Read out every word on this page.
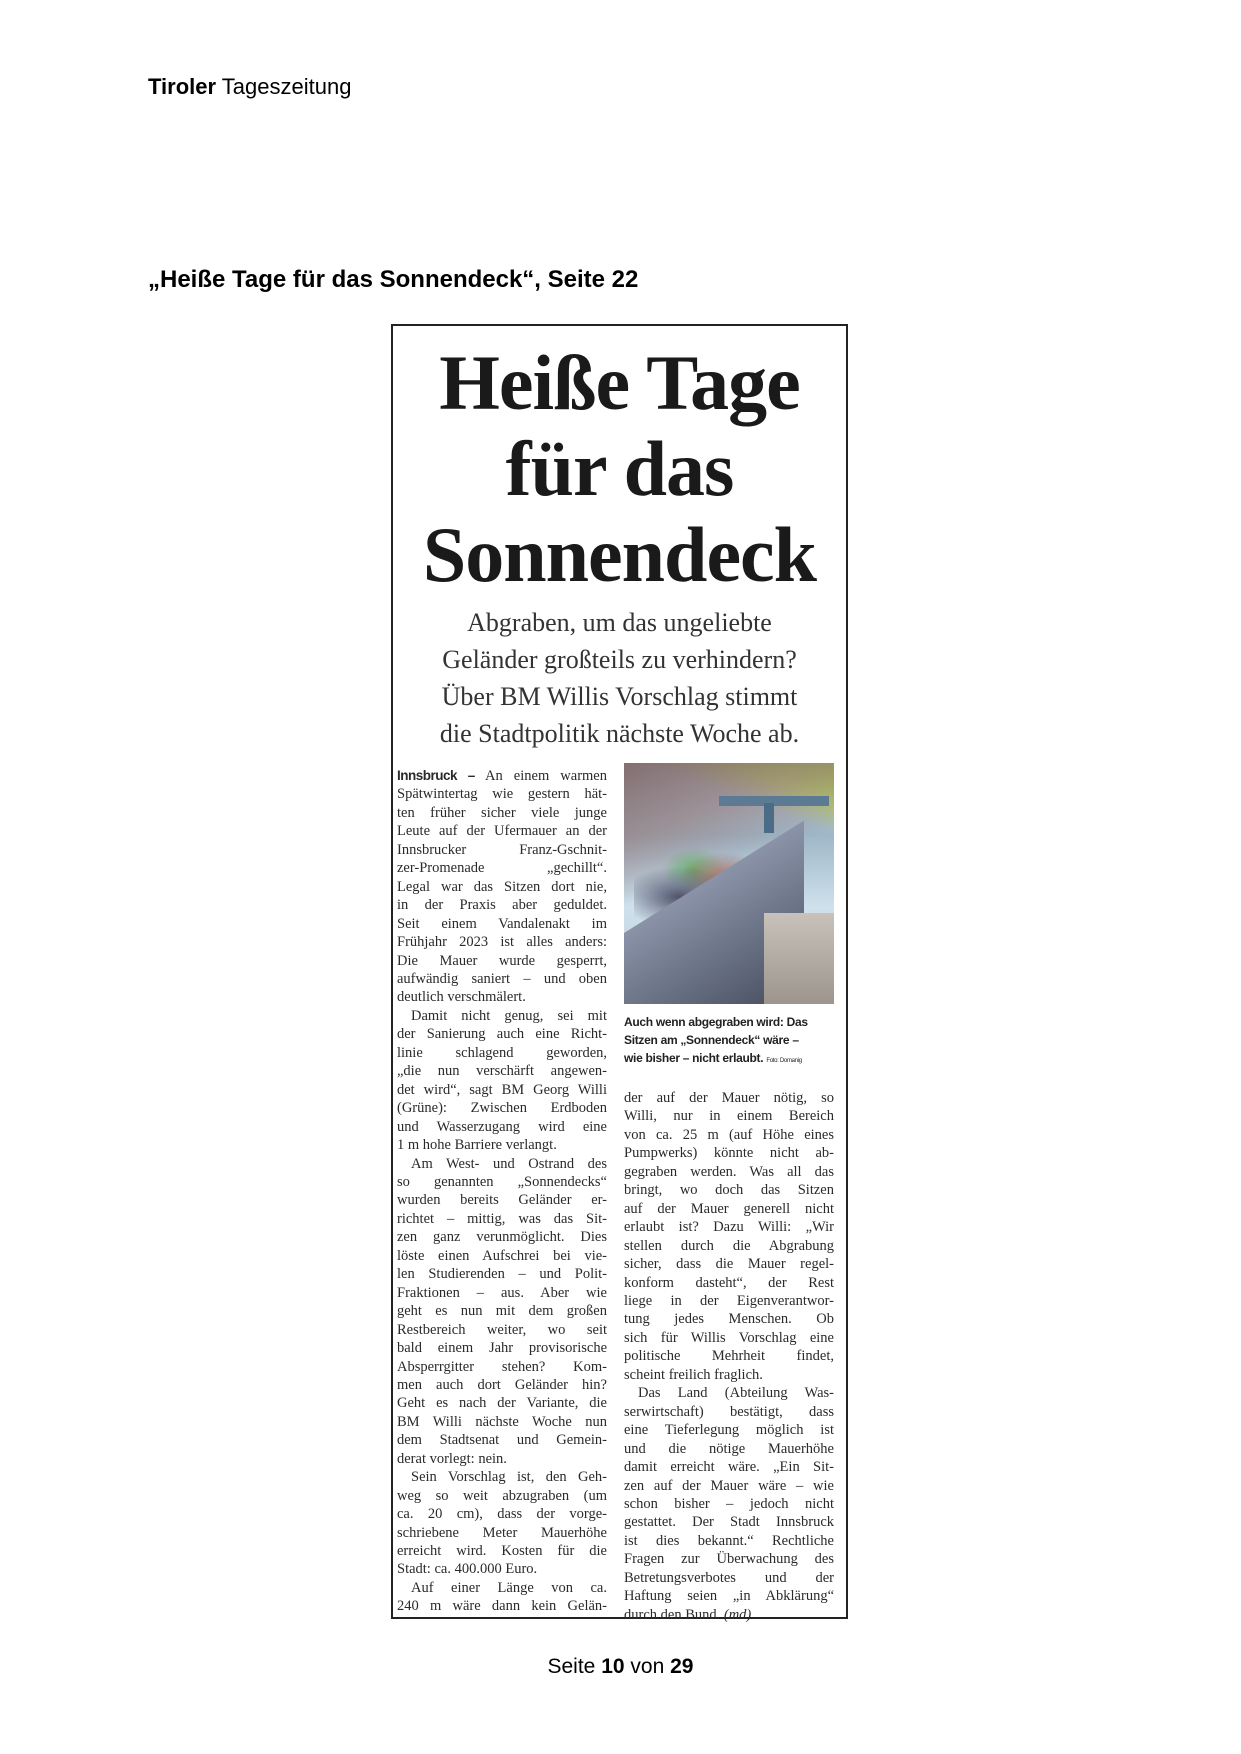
Tiroler Tageszeitung
„Heiße Tage für das Sonnendeck“, Seite 22
Heiße Tage
für das
Sonnendeck
Abgraben, um das ungeliebte
Geländer großteils zu verhindern?
Über BM Willis Vorschlag stimmt
die Stadtpolitik nächste Woche ab.
Innsbruck – An einem warmen
Spätwintertag wie gestern hät-
ten früher sicher viele junge
Leute auf der Ufermauer an der
Innsbrucker Franz-Gschnit-
zer-Promenade „gechillt“.
Legal war das Sitzen dort nie,
in der Praxis aber geduldet.
Seit einem Vandalenakt im
Frühjahr 2023 ist alles anders:
Die Mauer wurde gesperrt,
aufwändig saniert – und oben
deutlich verschmälert.
Damit nicht genug, sei mit
der Sanierung auch eine Richt-
linie schlagend geworden,
„die nun verschärft angewen-
det wird“, sagt BM Georg Willi
(Grüne): Zwischen Erdboden
und Wasserzugang wird eine
1 m hohe Barriere verlangt.
Am West- und Ostrand des
so genannten „Sonnendecks“
wurden bereits Geländer er-
richtet – mittig, was das Sit-
zen ganz verunmöglicht. Dies
löste einen Aufschrei bei vie-
len Studierenden – und Polit-
Fraktionen – aus. Aber wie
geht es nun mit dem großen
Restbereich weiter, wo seit
bald einem Jahr provisorische
Absperrgitter stehen? Kom-
men auch dort Geländer hin?
Geht es nach der Variante, die
BM Willi nächste Woche nun
dem Stadtsenat und Gemein-
derat vorlegt: nein.
Sein Vorschlag ist, den Geh-
weg so weit abzugraben (um
ca. 20 cm), dass der vorge-
schriebene Meter Mauerhöhe
erreicht wird. Kosten für die
Stadt: ca. 400.000 Euro.
Auf einer Länge von ca.
240 m wäre dann kein Gelän-
Auch wenn abgegraben wird: Das
Sitzen am „Sonnendeck“ wäre –
wie bisher – nicht erlaubt. Foto: Domanig
der auf der Mauer nötig, so
Willi, nur in einem Bereich
von ca. 25 m (auf Höhe eines
Pumpwerks) könnte nicht ab-
gegraben werden. Was all das
bringt, wo doch das Sitzen
auf der Mauer generell nicht
erlaubt ist? Dazu Willi: „Wir
stellen durch die Abgrabung
sicher, dass die Mauer regel-
konform dasteht“, der Rest
liege in der Eigenverantwor-
tung jedes Menschen. Ob
sich für Willis Vorschlag eine
politische Mehrheit findet,
scheint freilich fraglich.
Das Land (Abteilung Was-
serwirtschaft) bestätigt, dass
eine Tieferlegung möglich ist
und die nötige Mauerhöhe
damit erreicht wäre. „Ein Sit-
zen auf der Mauer wäre – wie
schon bisher – jedoch nicht
gestattet. Der Stadt Innsbruck
ist dies bekannt.“ Rechtliche
Fragen zur Überwachung des
Betretungsverbotes und der
Haftung seien „in Abklärung“
durch den Bund. (md)
Seite 10 von 29
